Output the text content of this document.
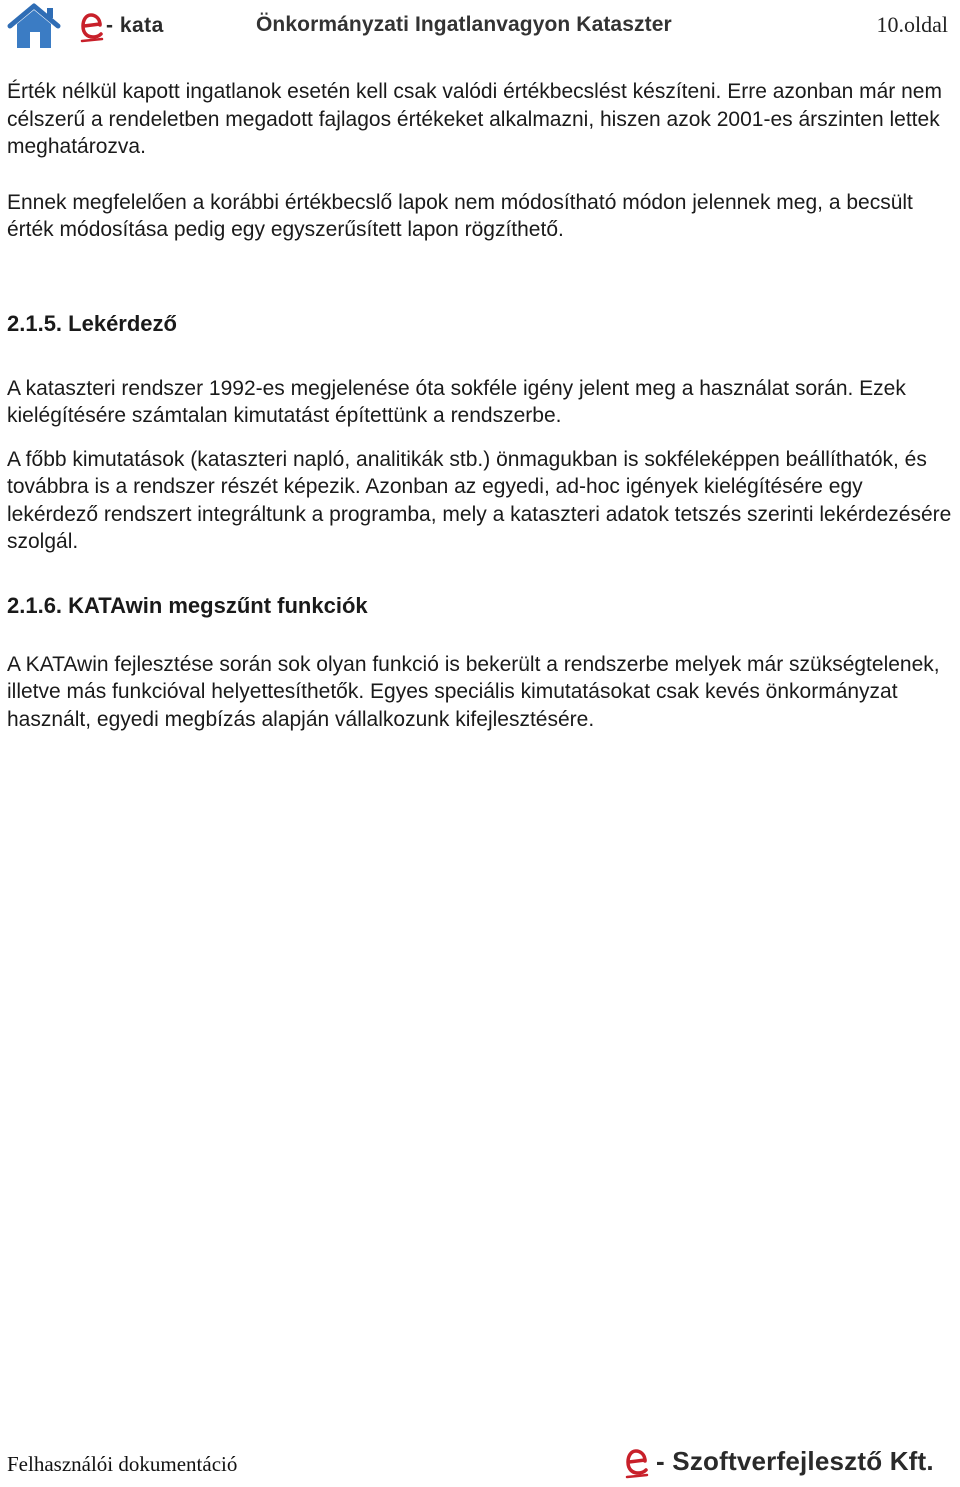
- kata	Önkormányzati Ingatlanvagyon Kataszter	10.oldal

Érték nélkül kapott ingatlanok esetén kell csak valódi értékbecslést készíteni. Erre azonban már nem célszerű a rendeletben megadott fajlagos értékeket alkalmazni, hiszen azok 2001-es árszinten lettek meghatározva.

Ennek megfelelően a korábbi értékbecslő lapok nem módosítható módon jelennek meg, a becsült érték módosítása pedig egy egyszerűsített lapon rögzíthető.

2.1.5. Lekérdező

A kataszteri rendszer 1992-es megjelenése óta sokféle igény jelent meg a használat során. Ezek kielégítésére számtalan kimutatást építettünk a rendszerbe.

A főbb kimutatások (kataszteri napló, analitikák stb.) önmagukban is sokféleképpen beállíthatók, és továbbra is a rendszer részét képezik. Azonban az egyedi, ad-hoc igények kielégítésére egy lekérdező rendszert integráltunk a programba, mely a kataszteri adatok tetszés szerinti lekérdezésére szolgál.

2.1.6. KATAwin megszűnt funkciók

A KATAwin fejlesztése során sok olyan funkció is bekerült a rendszerbe melyek már szükségtelenek, illetve más funkcióval helyettesíthetők. Egyes speciális kimutatásokat csak kevés önkormányzat használt, egyedi megbízás alapján vállalkozunk kifejlesztésére.

Felhasználói dokumentáció	- Szoftverfejlesztő Kft.
